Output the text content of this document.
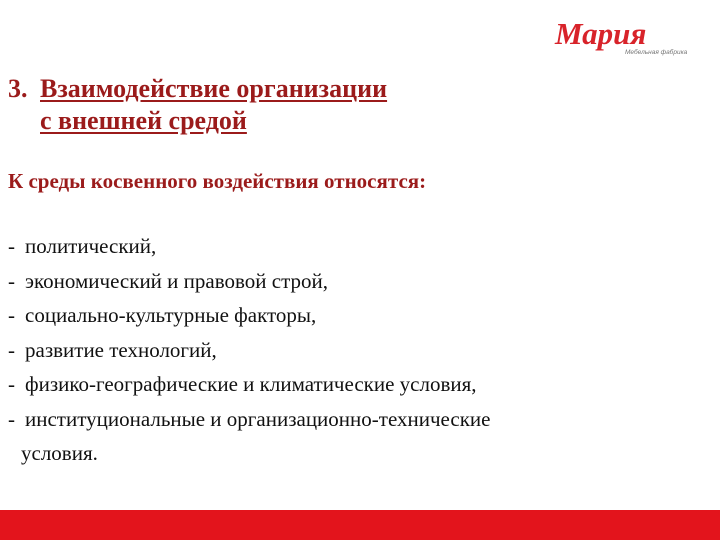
Мария
Мебельная фабрика
3. Взаимодействие организации
с внешней средой

К среды косвенного воздействия относятся:

- политический,
- экономический и правовой строй,
- социально-культурные факторы,
- развитие технологий,
- физико-географические и климатические условия,
- институциональные и организационно-технические
условия.
